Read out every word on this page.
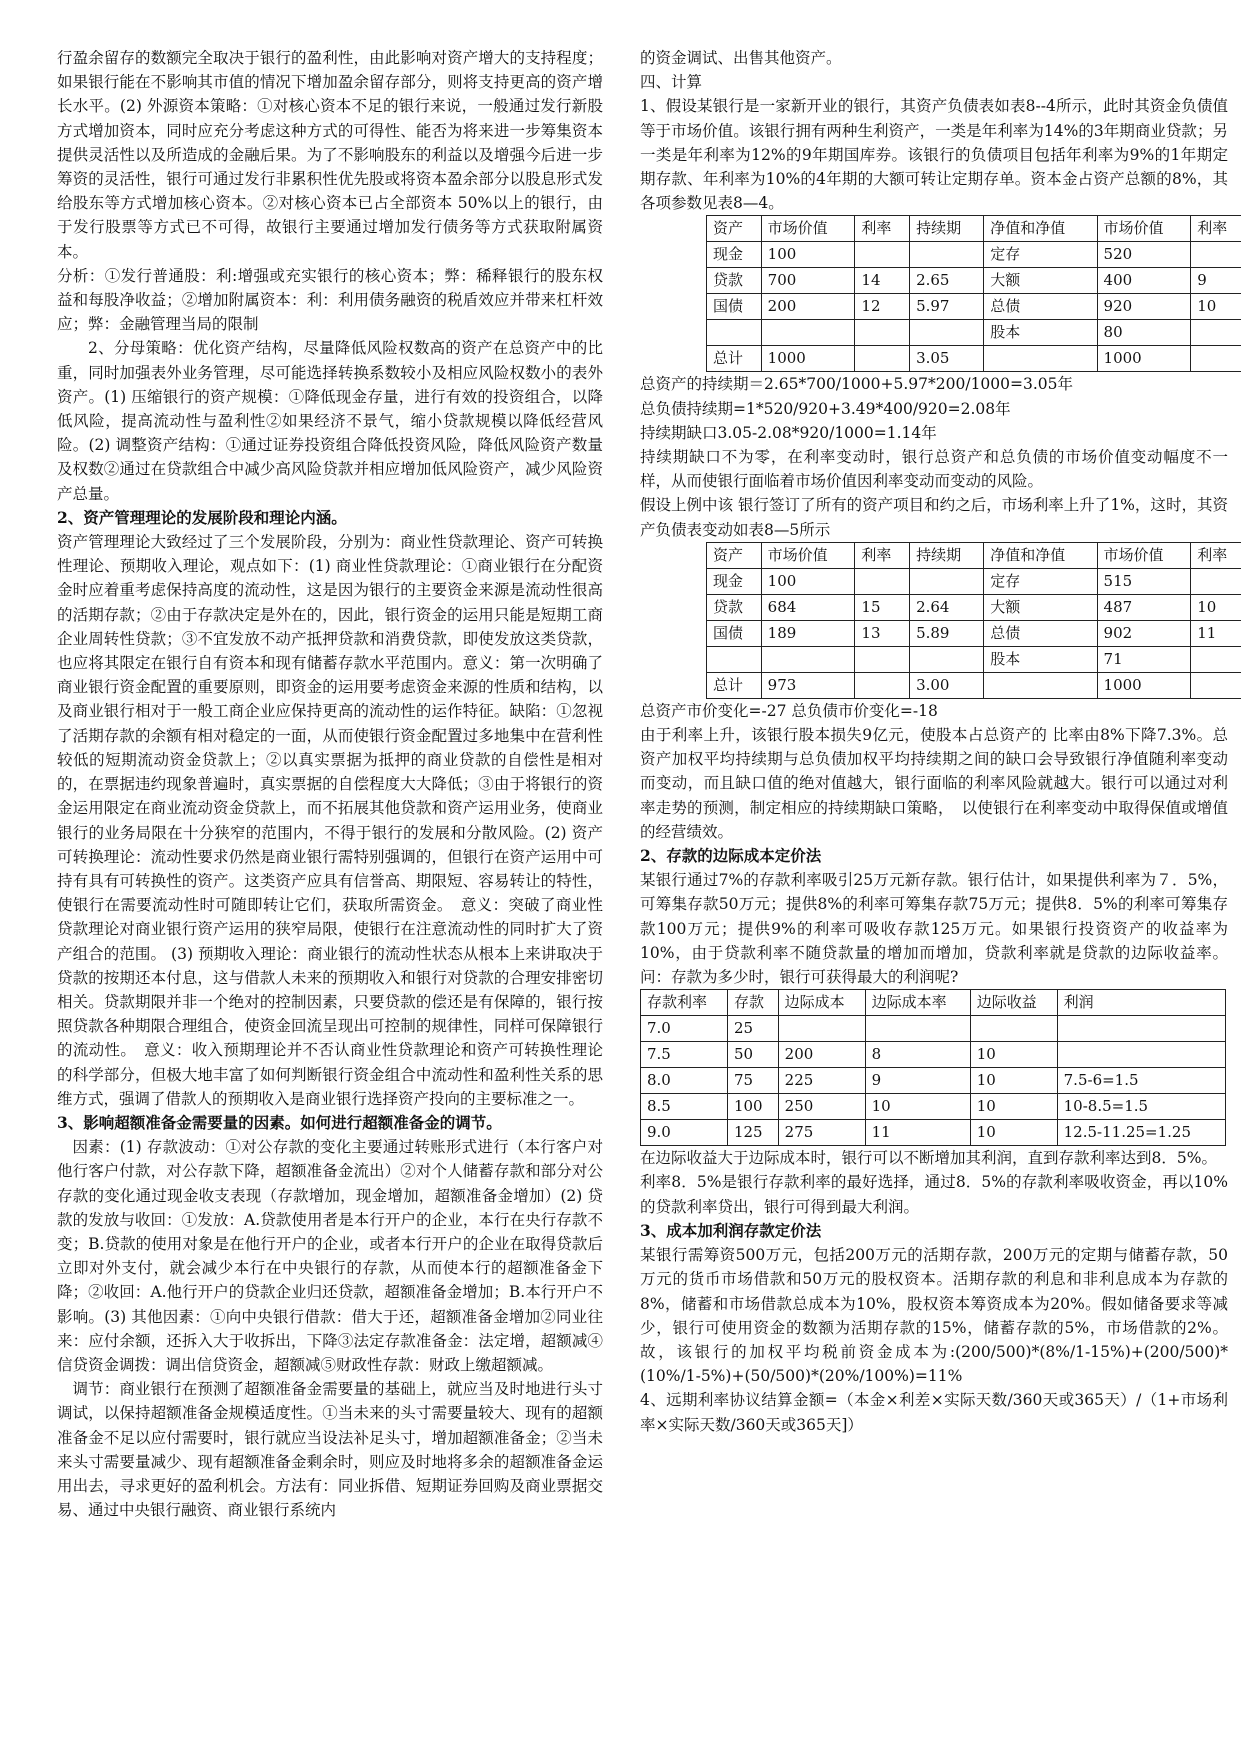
行盈余留存的数额完全取决于银行的盈利性，由此影响对资产增大的支持程度；如果银行能在不影响其市值的情况下增加盈余留存部分，则将支持更高的资产增长水平。(2) 外源资本策略：①对核心资本不足的银行来说，一般通过发行新股方式增加资本，同时应充分考虑这种方式的可得性、能否为将来进一步筹集资本提供灵活性以及所造成的金融后果。为了不影响股东的利益以及增强今后进一步筹资的灵活性，银行可通过发行非累积性优先股或将资本盈余部分以股息形式发给股东等方式增加核心资本。②对核心资本已占全部资本 50%以上的银行，由于发行股票等方式已不可得，故银行主要通过增加发行债务等方式获取附属资本。

分析：①发行普通股：利:增强或充实银行的核心资本；弊：稀释银行的股东权益和每股净收益；②增加附属资本：利：利用债务融资的税盾效应并带来杠杆效应；弊：金融管理当局的限制

2、分母策略：优化资产结构，尽量降低风险权数高的资产在总资产中的比重，同时加强表外业务管理，尽可能选择转换系数较小及相应风险权数小的表外资产。(1) 压缩银行的资产规模：①降低现金存量，进行有效的投资组合，以降低风险，提高流动性与盈利性②如果经济不景气，缩小贷款规模以降低经营风险。(2) 调整资产结构：①通过证券投资组合降低投资风险，降低风险资产数量及权数②通过在贷款组合中减少高风险贷款并相应增加低风险资产，减少风险资产总量。

2、资产管理理论的发展阶段和理论内涵。

资产管理理论大致经过了三个发展阶段，分别为：商业性贷款理论、资产可转换性理论、预期收入理论，观点如下：(1) 商业性贷款理论：①商业银行在分配资金时应着重考虑保持高度的流动性，这是因为银行的主要资金来源是流动性很高的活期存款；②由于存款决定是外在的，因此，银行资金的运用只能是短期工商企业周转性贷款；③不宜发放不动产抵押贷款和消费贷款，即使发放这类贷款，也应将其限定在银行自有资本和现有储蓄存款水平范围内。意义：第一次明确了商业银行资金配置的重要原则，即资金的运用要考虑资金来源的性质和结构，以及商业银行相对于一般工商企业应保持更高的流动性的运作特征。缺陷：①忽视了活期存款的余额有相对稳定的一面，从而使银行资金配置过多地集中在营利性较低的短期流动资金贷款上；②以真实票据为抵押的商业贷款的自偿性是相对的，在票据违约现象普遍时，真实票据的自偿程度大大降低；③由于将银行的资金运用限定在商业流动资金贷款上，而不拓展其他贷款和资产运用业务，使商业银行的业务局限在十分狭窄的范围内，不得于银行的发展和分散风险。(2) 资产可转换理论：流动性要求仍然是商业银行需特别强调的，但银行在资产运用中可持有具有可转换性的资产。这类资产应具有信誉高、期限短、容易转让的特性，使银行在需要流动性时可随即转让它们，获取所需资金。　意义：突破了商业性贷款理论对商业银行资产运用的狭窄局限，使银行在注意流动性的同时扩大了资产组合的范围。 (3) 预期收入理论：商业银行的流动性状态从根本上来讲取决于贷款的按期还本付息，这与借款人未来的预期收入和银行对贷款的合理安排密切相关。贷款期限并非一个绝对的控制因素，只要贷款的偿还是有保障的，银行按照贷款各种期限合理组合，使资金回流呈现出可控制的规律性，同样可保障银行的流动性。　意义：收入预期理论并不否认商业性贷款理论和资产可转换性理论的科学部分，但极大地丰富了如何判断银行资金组合中流动性和盈利性关系的思维方式，强调了借款人的预期收入是商业银行选择资产投向的主要标准之一。

3、影响超额准备金需要量的因素。如何进行超额准备金的调节。

因素：(1) 存款波动：①对公存款的变化主要通过转账形式进行（本行客户对他行客户付款，对公存款下降，超额准备金流出）②对个人储蓄存款和部分对公存款的变化通过现金收支表现（存款增加，现金增加，超额准备金增加）(2) 贷款的发放与收回：①发放：A.贷款使用者是本行开户的企业，本行在央行存款不变；B.贷款的使用对象是在他行开户的企业，或者本行开户的企业在取得贷款后立即对外支付，就会减少本行在中央银行的存款，从而使本行的超额准备金下降；②收回：A.他行开户的贷款企业归还贷款，超额准备金增加；B.本行开户不影响。(3) 其他因素：①向中央银行借款：借大于还，超额准备金增加②同业往来：应付余额，还拆入大于收拆出，下降③法定存款准备金：法定增，超额减④信贷资金调拨：调出信贷资金，超额减⑤财政性存款：财政上缴超额减。

调节：商业银行在预测了超额准备金需要量的基础上，就应当及时地进行头寸调试，以保持超额准备金规模适度性。①当未来的头寸需要量较大、现有的超额准备金不足以应付需要时，银行就应当设法补足头寸，增加超额准备金；②当未来头寸需要量减少、现有超额准备金剩余时，则应及时地将多余的超额准备金运用出去，寻求更好的盈利机会。方法有：同业拆借、短期证券回购及商业票据交易、通过中央银行融资、商业银行系统内

的资金调试、出售其他资产。

四、计算

1、假设某银行是一家新开业的银行，其资产负债表如表8--4所示，此时其资金负债值等于市场价值。该银行拥有两种生利资产，一类是年利率为14%的3年期商业贷款；另一类是年利率为12%的9年期国库券。该银行的负债项目包括年利率为9%的1年期定期存款、年利率为10%的4年期的大额可转让定期存单。资本金占资产总额的8%，其各项参数见表8—4。

资产	市场价值	利率	持续期	净值和净值	市场价值	利率
现金	100			定存	520	
贷款	700	14	2.65	大额	400	9
国债	200	12	5.97	总债	920	10
				股本	80	
总计	1000		3.05		1000	

总资产的持续期＝2.65*700/1000+5.97*200/1000=3.05年

总负债持续期=1*520/920+3.49*400/920=2.08年

持续期缺口3.05-2.08*920/1000=1.14年

持续期缺口不为零，在利率变动时，银行总资产和总负债的市场价值变动幅度不一样，从而使银行面临着市场价值因利率变动而变动的风险。

假设上例中该 银行签订了所有的资产项目和约之后，市场利率上升了1%，这时，其资产负债表变动如表8—5所示

资产	市场价值	利率	持续期	净值和净值	市场价值	利率
现金	100			定存	515	
贷款	684	15	2.64	大额	487	10
国债	189	13	5.89	总债	902	11
				股本	71	
总计	973		3.00		1000	

总资产市价变化=-27 总负债市价变化=-18

由于利率上升，该银行股本损失9亿元，使股本占总资产的 比率由8%下降7.3%。总资产加权平均持续期与总负债加权平均持续期之间的缺口会导致银行净值随利率变动而变动，而且缺口值的绝对值越大，银行面临的利率风险就越大。银行可以通过对利率走势的预测，制定相应的持续期缺口策略，　以使银行在利率变动中取得保值或增值的经营绩效。

2、存款的边际成本定价法

某银行通过7%的存款利率吸引25万元新存款。银行估计，如果提供利率为７．5%，可筹集存款50万元；提供8%的利率可筹集存款75万元；提供8．5%的利率可筹集存款100万元；提供9%的利率可吸收存款125万元。如果银行投资资产的收益率为10%，由于贷款利率不随贷款量的增加而增加，贷款利率就是贷款的边际收益率。问：存款为多少时，银行可获得最大的利润呢?

存款利率	存款	边际成本	边际成本率	边际收益	利润
7.0	25				
7.5	50	200	8	10	
8.0	75	225	9	10	7.5-6=1.5
8.5	100	250	10	10	10-8.5=1.5
9.0	125	275	11	10	12.5-11.25=1.25

在边际收益大于边际成本时，银行可以不断增加其利润，直到存款利率达到8．5%。

利率8．5%是银行存款利率的最好选择，通过8．5%的存款利率吸收资金，再以10%的贷款利率贷出，银行可得到最大利润。

3、成本加利润存款定价法

某银行需筹资500万元，包括200万元的活期存款，200万元的定期与储蓄存款，50万元的货币市场借款和50万元的股权资本。活期存款的利息和非利息成本为存款的8%，储蓄和市场借款总成本为10%，股权资本筹资成本为20%。假如储备要求等减少，银行可使用资金的数额为活期存款的15%，储蓄存款的5%，市场借款的2%。故，该银行的加权平均税前资金成本为:(200/500)*(8%/1-15%)+(200/500)*(10%/1-5%)+(50/500)*(20%/100%)=11%

4、远期利率协议结算金额=（本金×利差×实际天数/360天或365天）/（1+市场利率×实际天数/360天或365天]）
